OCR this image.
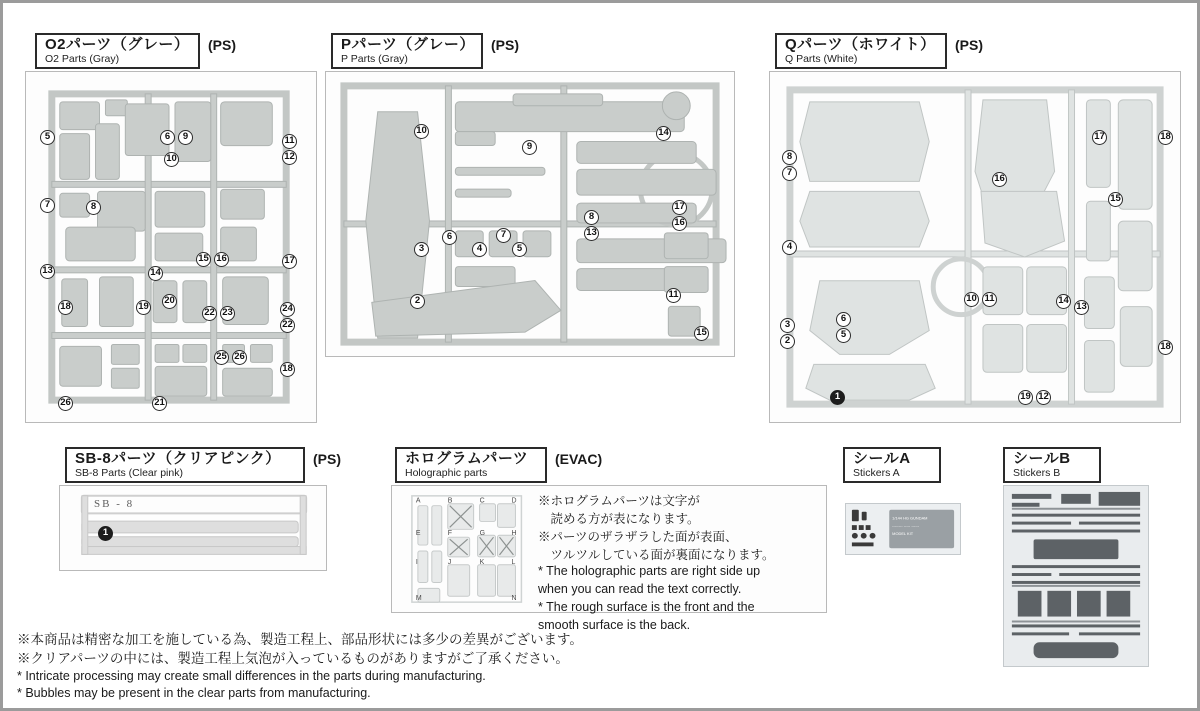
O2パーツ（グレー）
O2 Parts (Gray)
(PS)
5	6	9	11
12
10
7	8
15 16	17
13	14
18
20
19
22 23	24
22
25 26
18
26	21
Pパーツ（グレー）
P Parts (Gray)
(PS)
10
9
14
3
6
4
7
5
8
13
17
16
11
2
15
Qパーツ（ホワイト）
Q Parts (White)
(PS)
8
7
17	18
16
15
4
10 11	14
13
6
5
3
2
18
1	19 12
SB-8パーツ（クリアピンク）
SB-8 Parts (Clear pink)
(PS)
SB - 8
1
ホログラムパーツ
Holographic parts
(EVAC)
A	B	C	D
E	F	G	H
I	J	K	L
M	N
※ホログラムパーツは文字が
　読める方が表になります。
※パーツのザラザラした面が表面、
　ツルツルしている面が裏面になります。
* The holographic parts are right side up
when you can read the text correctly.
* The rough surface is the front and the
smooth surface is the back.
シールA
Stickers A
1/144 HG GUNDAM
-------- ----- ------
MODEL KIT
シールB
Stickers B
※本商品は精密な加工を施している為、製造工程上、部品形状には多少の差異がございます。
※クリアパーツの中には、製造工程上気泡が入っているものがありますがご了承ください。
* Intricate processing may create small differences in the parts during manufacturing.
* Bubbles may be present in the clear parts from manufacturing.
